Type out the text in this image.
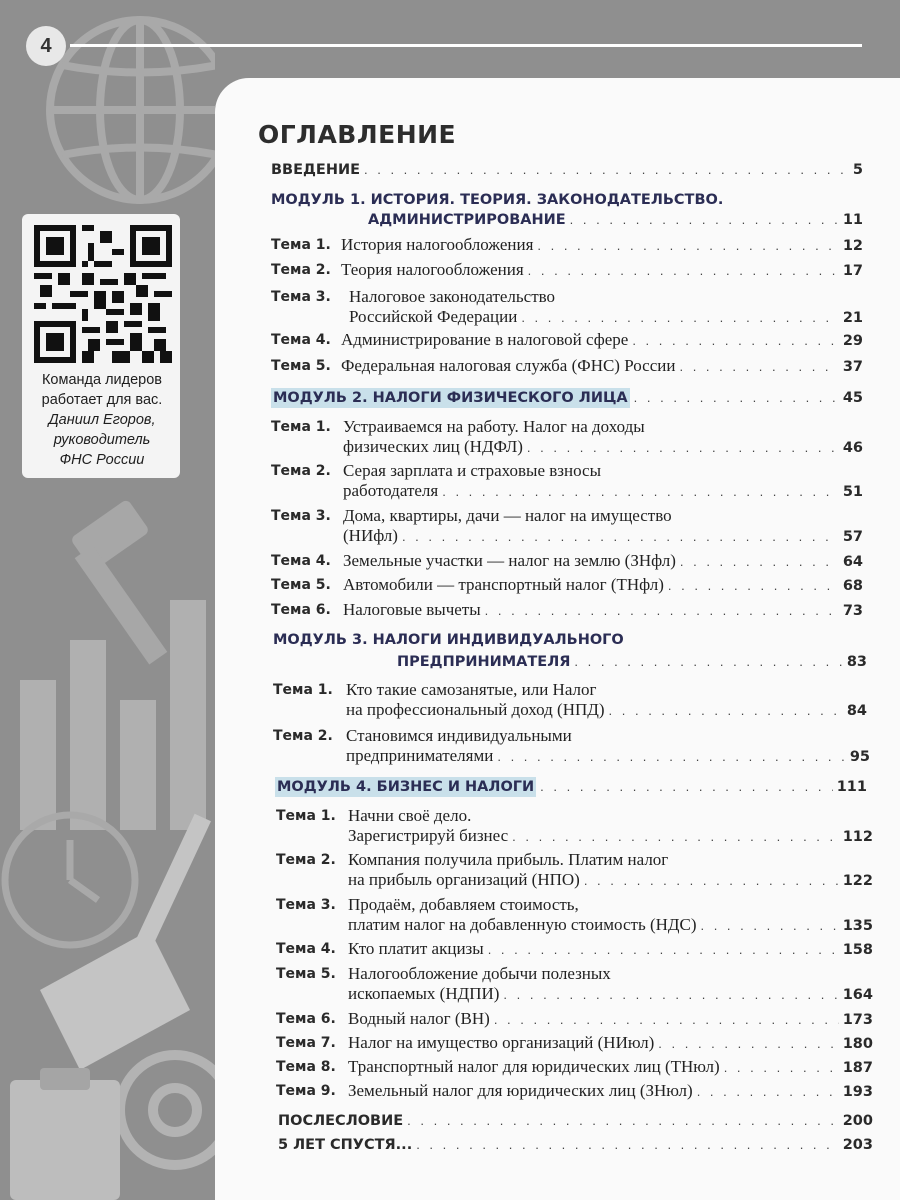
4
Команда лидеров
работает для вас.
Даниил Егоров,
руководитель
ФНС России
ОГЛАВЛЕНИЕ
ВВЕДЕНИЕ . . .	5
МОДУЛЬ 1. ИСТОРИЯ. ТЕОРИЯ. ЗАКОНОДАТЕЛЬСТВО.
АДМИНИСТРИРОВАНИЕ . . .	11
Тема 1. История налогообложения . . .	12
Тема 2. Теория налогообложения . . .	17
Тема 3. Налоговое законодательство
Российской Федерации . . .	21
Тема 4. Администрирование в налоговой сфере . . .	29
Тема 5. Федеральная налоговая служба (ФНС) России . . .	37
МОДУЛЬ 2. НАЛОГИ ФИЗИЧЕСКОГО ЛИЦА . . .	45
Тема 1. Устраиваемся на работу. Налог на доходы
физических лиц (НДФЛ) . . .	46
Тема 2. Серая зарплата и страховые взносы
работодателя . . .	51
Тема 3. Дома, квартиры, дачи — налог на имущество
(НИфл) . . .	57
Тема 4. Земельные участки — налог на землю (ЗНфл) . . .	64
Тема 5. Автомобили — транспортный налог (ТНфл) . . .	68
Тема 6. Налоговые вычеты . . .	73
МОДУЛЬ 3. НАЛОГИ ИНДИВИДУАЛЬНОГО
ПРЕДПРИНИМАТЕЛЯ . . .	83
Тема 1. Кто такие самозанятые, или Налог
на профессиональный доход (НПД) . . .	84
Тема 2. Становимся индивидуальными
предпринимателями . . .	95
МОДУЛЬ 4. БИЗНЕС И НАЛОГИ . . .	111
Тема 1. Начни своё дело.
Зарегистрируй бизнес . . .	112
Тема 2. Компания получила прибыль. Платим налог
на прибыль организаций (НПО) . . .	122
Тема 3. Продаём, добавляем стоимость,
платим налог на добавленную стоимость (НДС) . . .	135
Тема 4. Кто платит акцизы . . .	158
Тема 5. Налогообложение добычи полезных
ископаемых (НДПИ) . . .	164
Тема 6. Водный налог (ВН) . . .	173
Тема 7. Налог на имущество организаций (НИюл) . . .	180
Тема 8. Транспортный налог для юридических лиц (ТНюл) . . .	187
Тема 9. Земельный налог для юридических лиц (ЗНюл) . . .	193
ПОСЛЕСЛОВИЕ . . .	200
5 ЛЕТ СПУСТЯ... . . .	203
